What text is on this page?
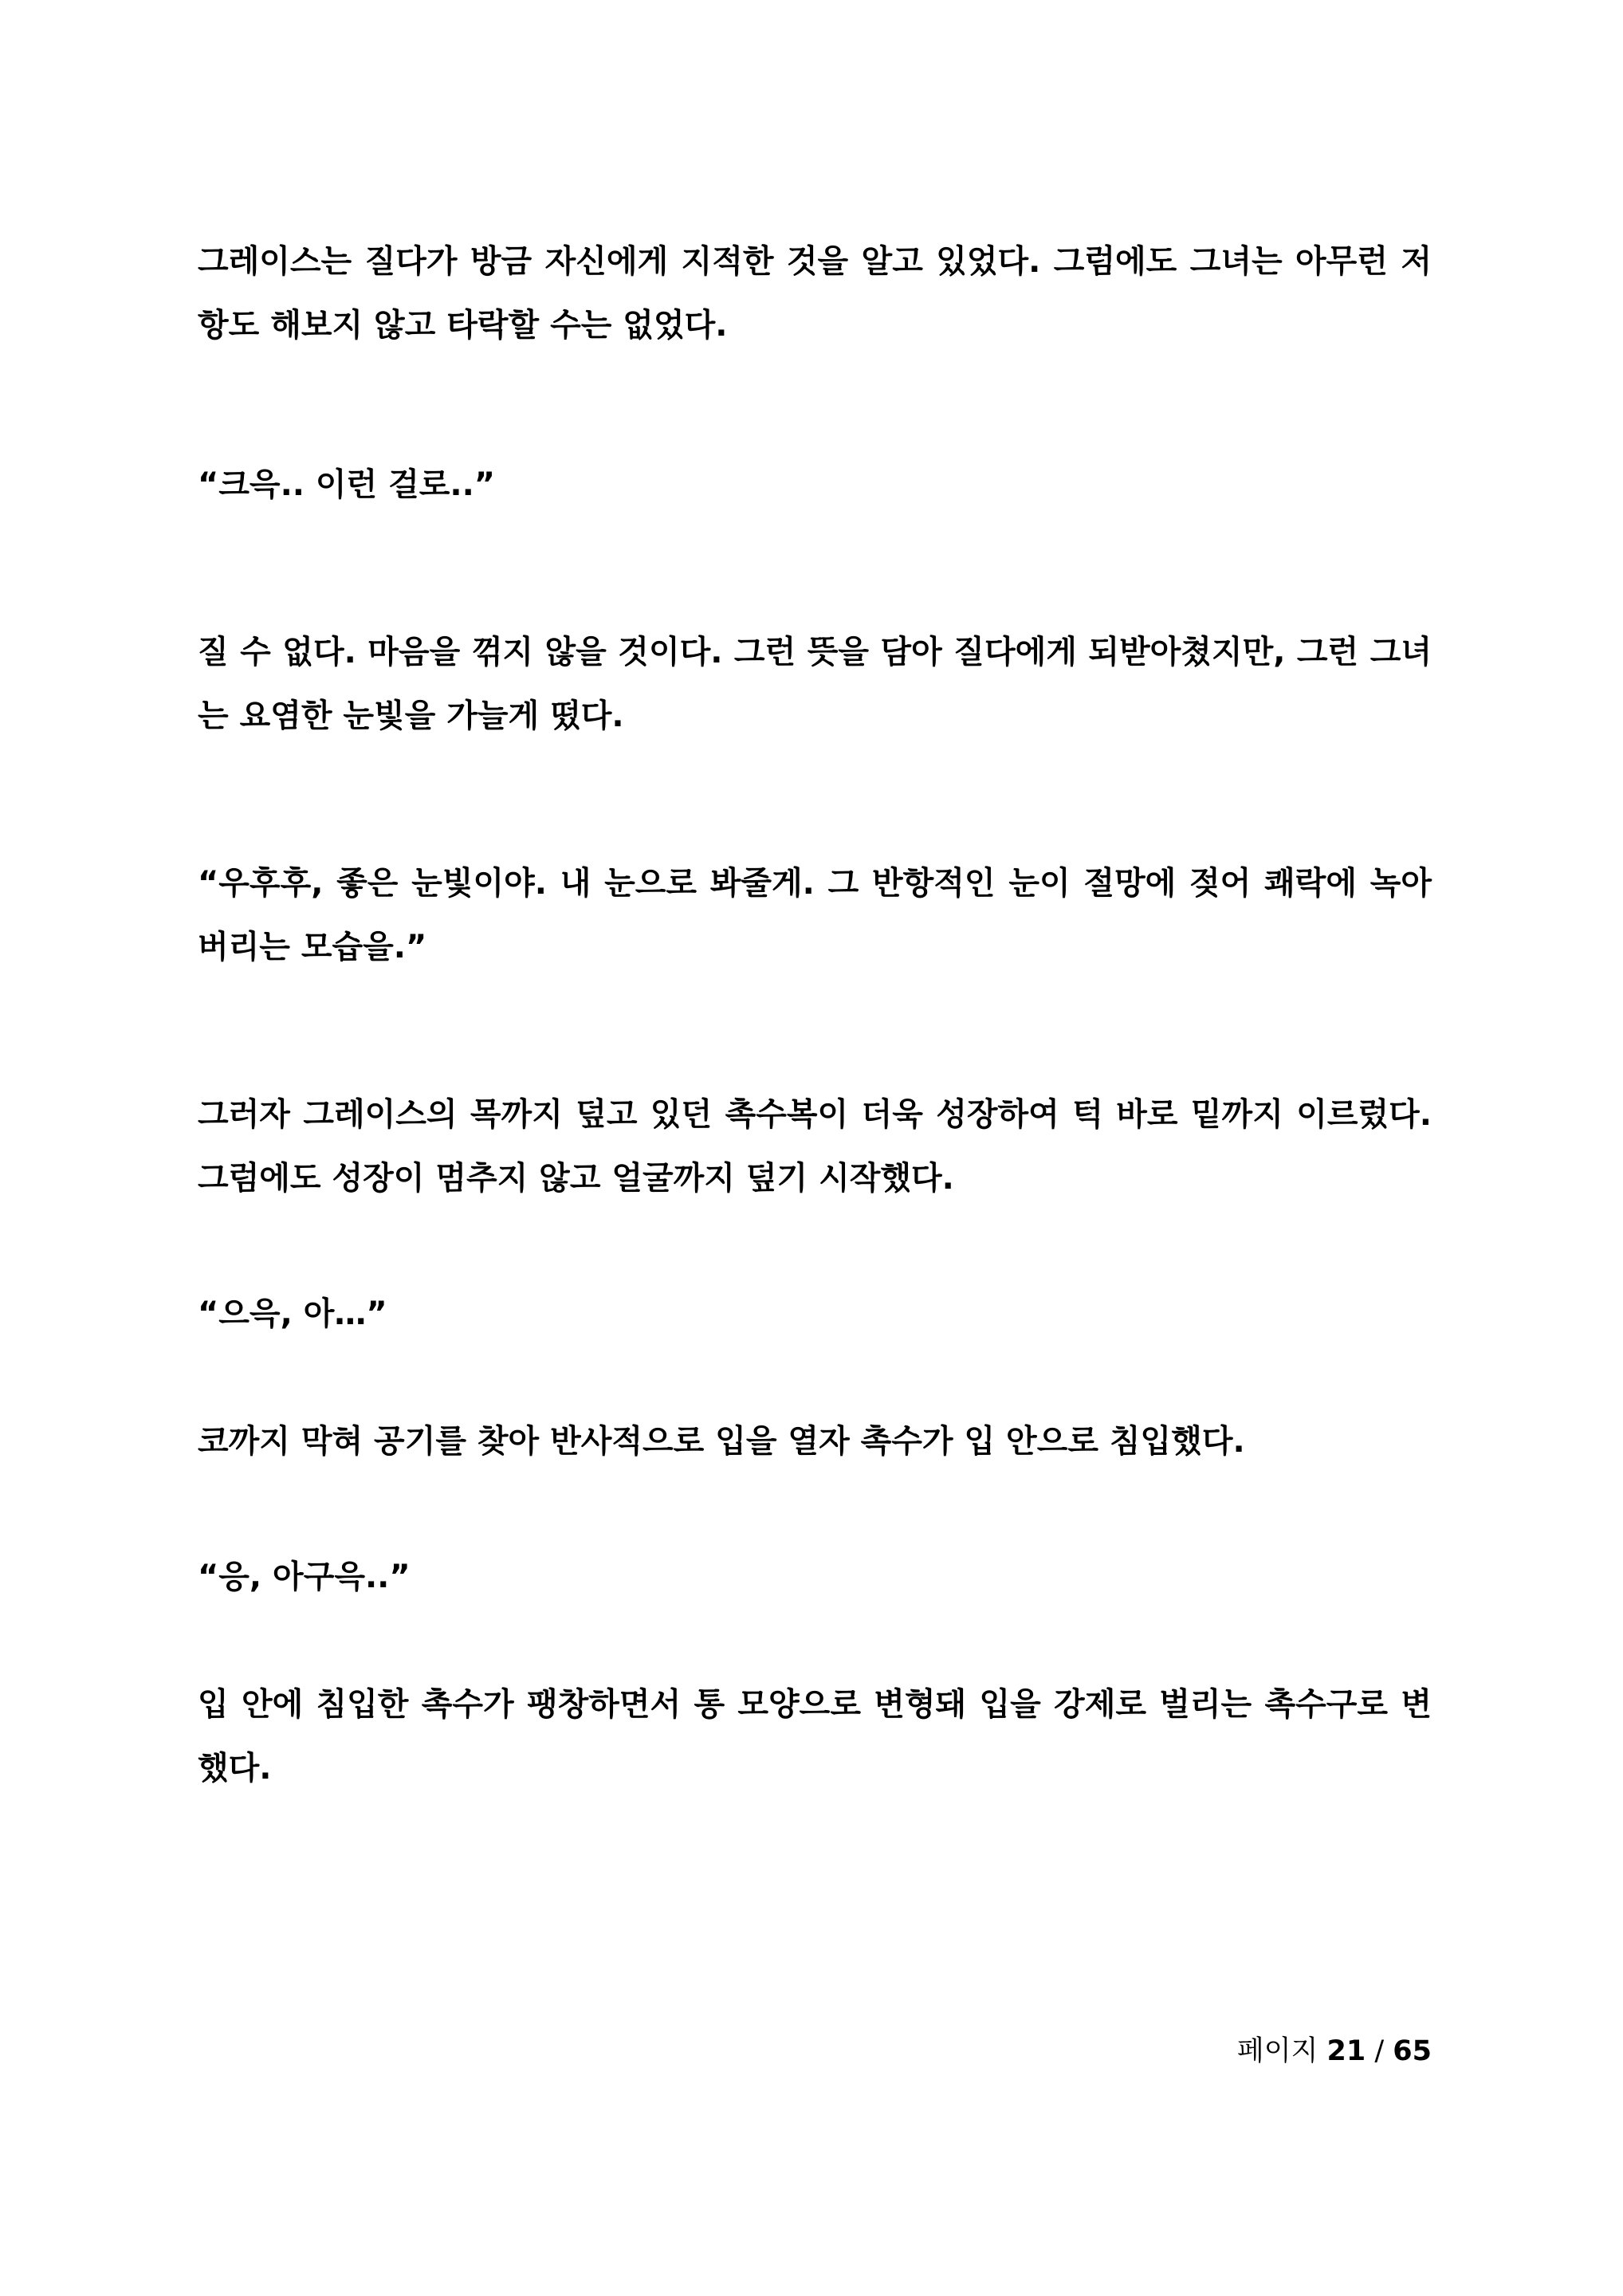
그레이스는 질다가 방금 자신에게 지적한 것을 알고 있었다. 그럼에도 그녀는 아무런 저항도 해보지 않고 타락할 수는 없었다.

“크윽.. 이런 걸로..”

질 수 없다. 마음을 꺾지 않을 것이다. 그런 뜻을 담아 질다에게 되받아쳤지만, 그런 그녀는 요염한 눈빛을 가늘게 떴다.

“우후후, 좋은 눈빛이야. 내 눈으로 봐줄게. 그 반항적인 눈이 절망에 젖어 쾌락에 녹아버리는 모습을.”

그러자 그레이스의 목까지 덮고 있던 촉수복이 더욱 성장하여 턱 바로 밑까지 이르렀다. 그럼에도 성장이 멈추지 않고 얼굴까지 덮기 시작했다.

“으윽, 아…”

코까지 막혀 공기를 찾아 반사적으로 입을 열자 촉수가 입 안으로 침입했다.

“응, 아구윽..”

입 안에 침입한 촉수가 팽창하면서 통 모양으로 변형돼 입을 강제로 벌리는 촉수구로 변했다.

페이지 21 / 65
